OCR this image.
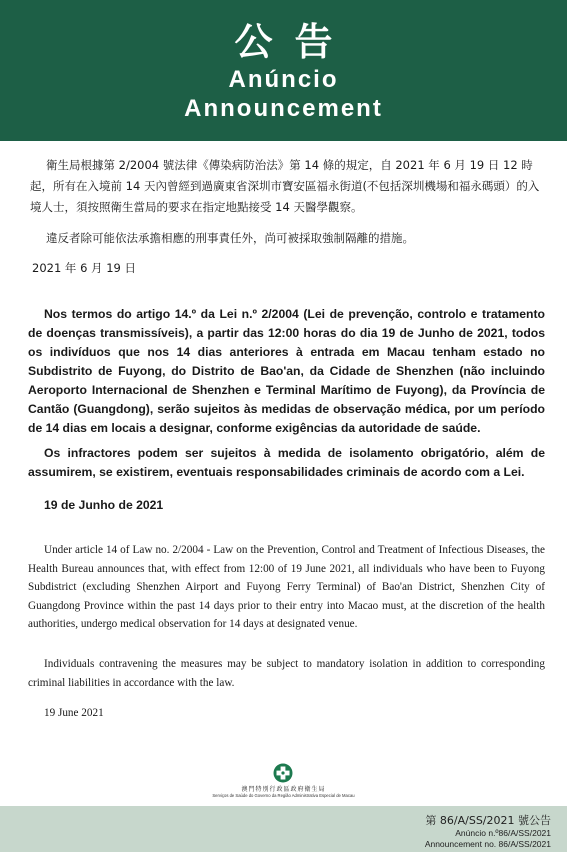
公告
Anúncio
Announcement

衛生局根據第 2/2004 號法律《傳染病防治法》第 14 條的規定，自 2021 年 6 月 19 日 12 時起，所有在入境前 14 天內曾經到過廣東省深圳市寶安區福永街道(不包括深圳機場和福永碼頭）的入境人士，須按照衛生當局的要求在指定地點接受 14 天醫學觀察。

違反者除可能依法承擔相應的刑事責任外，尚可被採取強制隔離的措施。

2021 年 6 月 19 日

Nos termos do artigo 14.º da Lei n.º 2/2004 (Lei de prevenção, controlo e tratamento de doenças transmissíveis), a partir das 12:00 horas do dia 19 de Junho de 2021, todos os indivíduos que nos 14 dias anteriores à entrada em Macau tenham estado no Subdistrito de Fuyong, do Distrito de Bao'an, da Cidade de Shenzhen (não incluindo Aeroporto Internacional de Shenzhen e Terminal Marítimo de Fuyong), da Província de Cantão (Guangdong), serão sujeitos às medidas de observação médica, por um período de 14 dias em locais a designar, conforme exigências da autoridade de saúde.

Os infractores podem ser sujeitos à medida de isolamento obrigatório, além de assumirem, se existirem, eventuais responsabilidades criminais de acordo com a Lei.

19 de Junho de 2021

Under article 14 of Law no. 2/2004 - Law on the Prevention, Control and Treatment of Infectious Diseases, the Health Bureau announces that, with effect from 12:00 of 19 June 2021, all individuals who have been to Fuyong Subdistrict (excluding Shenzhen Airport and Fuyong Ferry Terminal) of Bao'an District, Shenzhen City of Guangdong Province within the past 14 days prior to their entry into Macao must, at the discretion of the health authorities, undergo medical observation for 14 days at designated venue.

Individuals contravening the measures may be subject to mandatory isolation in addition to corresponding criminal liabilities in accordance with the law.

19 June 2021

澳門特別行政區政府衛生局
Serviços de Saúde do Governo da Região Administrativa Especial de Macau
第 86/A/SS/2021 號公告
Anúncio n.º86/A/SS/2021
Announcement no. 86/A/SS/2021
